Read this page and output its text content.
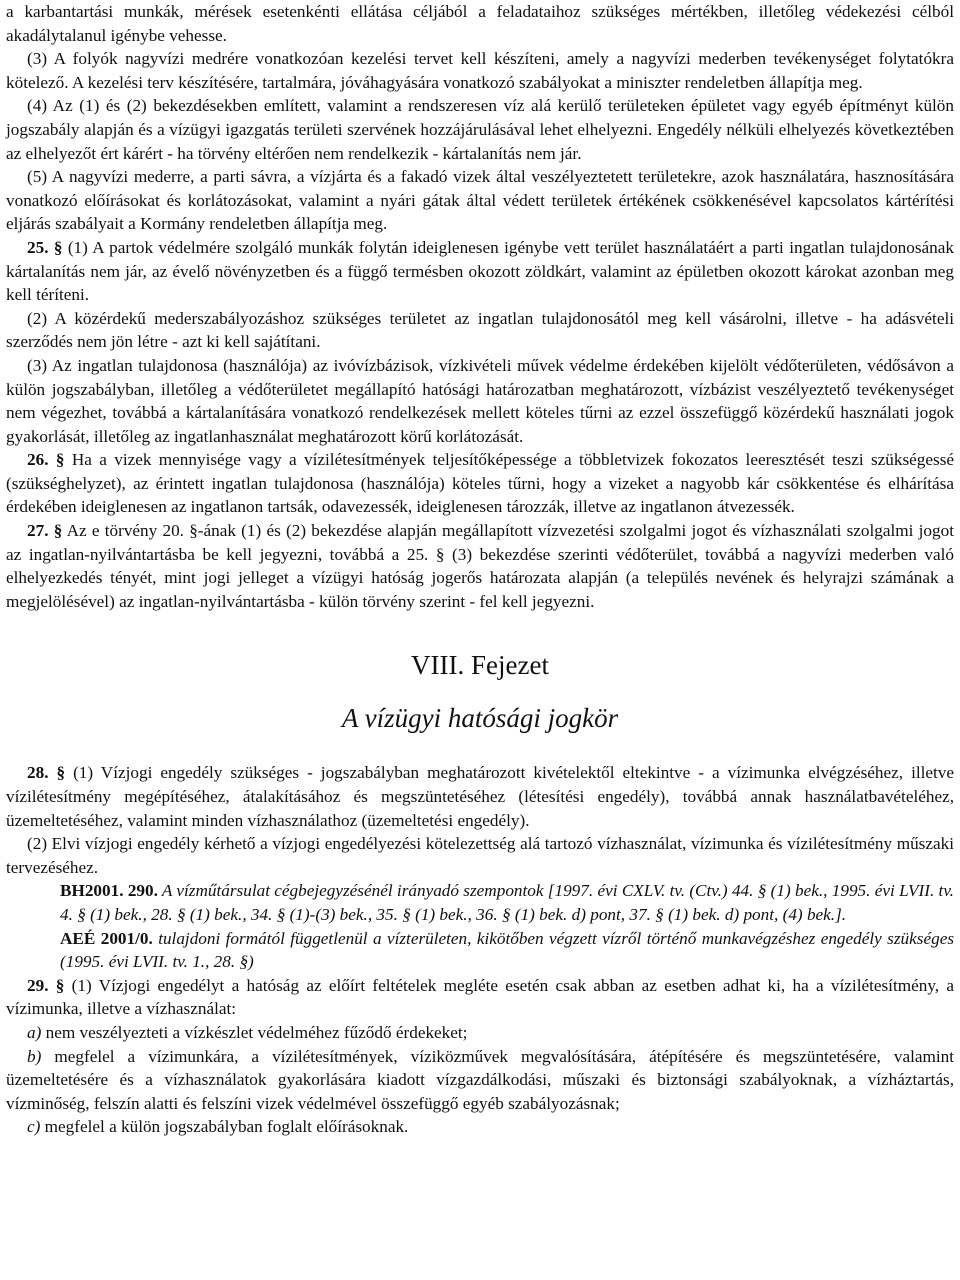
a karbantartási munkák, mérések esetenkénti ellátása céljából a feladataihoz szükséges mértékben, illetőleg védekezési célból akadálytalanul igénybe vehesse.

(3) A folyók nagyvízi medrére vonatkozóan kezelési tervet kell készíteni, amely a nagyvízi mederben tevékenységet folytatókra kötelező. A kezelési terv készítésére, tartalmára, jóváhagyására vonatkozó szabályokat a miniszter rendeletben állapítja meg.

(4) Az (1) és (2) bekezdésekben említett, valamint a rendszeresen víz alá kerülő területeken épületet vagy egyéb építményt külön jogszabály alapján és a vízügyi igazgatás területi szervének hozzájárulásával lehet elhelyezni. Engedély nélküli elhelyezés következtében az elhelyezőt ért kárért - ha törvény eltérően nem rendelkezik - kártalanítás nem jár.

(5) A nagyvízi mederre, a parti sávra, a vízjárta és a fakadó vizek által veszélyeztetett területekre, azok használatára, hasznosítására vonatkozó előírásokat és korlátozásokat, valamint a nyári gátak által védett területek értékének csökkenésével kapcsolatos kártérítési eljárás szabályait a Kormány rendeletben állapítja meg.

25. § (1) A partok védelmére szolgáló munkák folytán ideiglenesen igénybe vett terület használatáért a parti ingatlan tulajdonosának kártalanítás nem jár, az évelő növényzetben és a függő termésben okozott zöldkárt, valamint az épületben okozott károkat azonban meg kell téríteni.

(2) A közérdekű mederszabályozáshoz szükséges területet az ingatlan tulajdonosától meg kell vásárolni, illetve - ha adásvételi szerződés nem jön létre - azt ki kell sajátítani.

(3) Az ingatlan tulajdonosa (használója) az ivóvízbázisok, vízkivételi művek védelme érdekében kijelölt védőterületen, védősávon a külön jogszabályban, illetőleg a védőterületet megállapító hatósági határozatban meghatározott, vízbázist veszélyeztető tevékenységet nem végezhet, továbbá a kártalanítására vonatkozó rendelkezések mellett köteles tűrni az ezzel összefüggő közérdekű használati jogok gyakorlását, illetőleg az ingatlanhasználat meghatározott körű korlátozását.

26. § Ha a vizek mennyisége vagy a vízilétesítmények teljesítőképessége a többletvizek fokozatos leeresztését teszi szükségessé (szükséghelyzet), az érintett ingatlan tulajdonosa (használója) köteles tűrni, hogy a vizeket a nagyobb kár csökkentése és elhárítása érdekében ideiglenesen az ingatlanon tartsák, odavezessék, ideiglenesen tározzák, illetve az ingatlanon átvezessék.

27. § Az e törvény 20. §-ának (1) és (2) bekezdése alapján megállapított vízvezetési szolgalmi jogot és vízhasználati szolgalmi jogot az ingatlan-nyilvántartásba be kell jegyezni, továbbá a 25. § (3) bekezdése szerinti védőterület, továbbá a nagyvízi mederben való elhelyezkedés tényét, mint jogi jelleget a vízügyi hatóság jogerős határozata alapján (a település nevének és helyrajzi számának a megjelölésével) az ingatlan-nyilvántartásba - külön törvény szerint - fel kell jegyezni.

VIII. Fejezet
A vízügyi hatósági jogkör

28. § (1) Vízjogi engedély szükséges - jogszabályban meghatározott kivételektől eltekintve - a vízimunka elvégzéséhez, illetve vízilétesítmény megépítéséhez, átalakításához és megszüntetéséhez (létesítési engedély), továbbá annak használatbavételéhez, üzemeltetéséhez, valamint minden vízhasználathoz (üzemeltetési engedély).

(2) Elvi vízjogi engedély kérhető a vízjogi engedélyezési kötelezettség alá tartozó vízhasználat, vízimunka és vízilétesítmény műszaki tervezéséhez.

BH2001. 290. A vízműtársulat cégbejegyzésénél irányadó szempontok [1997. évi CXLV. tv. (Ctv.) 44. § (1) bek., 1995. évi LVII. tv. 4. § (1) bek., 28. § (1) bek., 34. § (1)-(3) bek., 35. § (1) bek., 36. § (1) bek. d) pont, 37. § (1) bek. d) pont, (4) bek.].

AEÉ 2001/0. tulajdoni formától függetlenül a vízterületen, kikötőben végzett vízről történő munkavégzéshez engedély szükséges (1995. évi LVII. tv. 1., 28. §)

29. § (1) Vízjogi engedélyt a hatóság az előírt feltételek megléte esetén csak abban az esetben adhat ki, ha a vízilétesítmény, a vízimunka, illetve a vízhasználat:

a) nem veszélyezteti a vízkészlet védelméhez fűződő érdekeket;

b) megfelel a vízimunkára, a vízilétesítmények, víziközművek megvalósítására, átépítésére és megszüntetésére, valamint üzemeltetésére és a vízhasználatok gyakorlására kiadott vízgazdálkodási, műszaki és biztonsági szabályoknak, a vízháztartás, vízminőség, felszín alatti és felszíni vizek védelmével összefüggő egyéb szabályozásnak;

c) megfelel a külön jogszabályban foglalt előírásoknak.
